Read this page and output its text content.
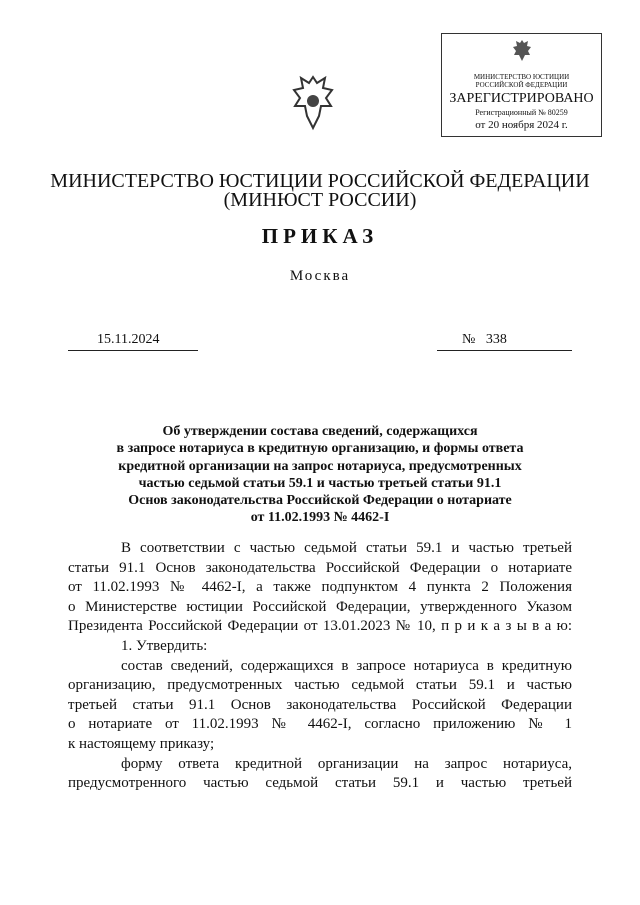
МИНИСТЕРСТВО ЮСТИЦИИ
РОССИЙСКОЙ ФЕДЕРАЦИИ
ЗАРЕГИСТРИРОВАНО
Регистрационный № 80259
от 20 ноября 2024 г.
МИНИСТЕРСТВО ЮСТИЦИИ РОССИЙСКОЙ ФЕДЕРАЦИИ
(МИНЮСТ РОССИИ)
ПРИКАЗ
Москва
15.11.2024	№ 338
Об утверждении состава сведений, содержащихся
в запросе нотариуса в кредитную организацию, и формы ответа
кредитной организации на запрос нотариуса, предусмотренных
частью седьмой статьи 59.1 и частью третьей статьи 91.1
Основ законодательства Российской Федерации о нотариате
от 11.02.1993 № 4462-I
В соответствии с частью седьмой статьи 59.1 и частью третьей
статьи 91.1 Основ законодательства Российской Федерации о нотариате
от 11.02.1993 № 4462-I, а также подпунктом 4 пункта 2 Положения
о Министерстве юстиции Российской Федерации, утвержденного Указом
Президента Российской Федерации от 13.01.2023 № 10, п р и к а з ы в а ю:
1. Утвердить:
состав сведений, содержащихся в запросе нотариуса в кредитную
организацию, предусмотренных частью седьмой статьи 59.1 и частью
третьей статьи 91.1 Основ законодательства Российской Федерации
о нотариате от 11.02.1993 № 4462-I, согласно приложению № 1
к настоящему приказу;
форму ответа кредитной организации на запрос нотариуса,
предусмотренного частью седьмой статьи 59.1 и частью третьей
